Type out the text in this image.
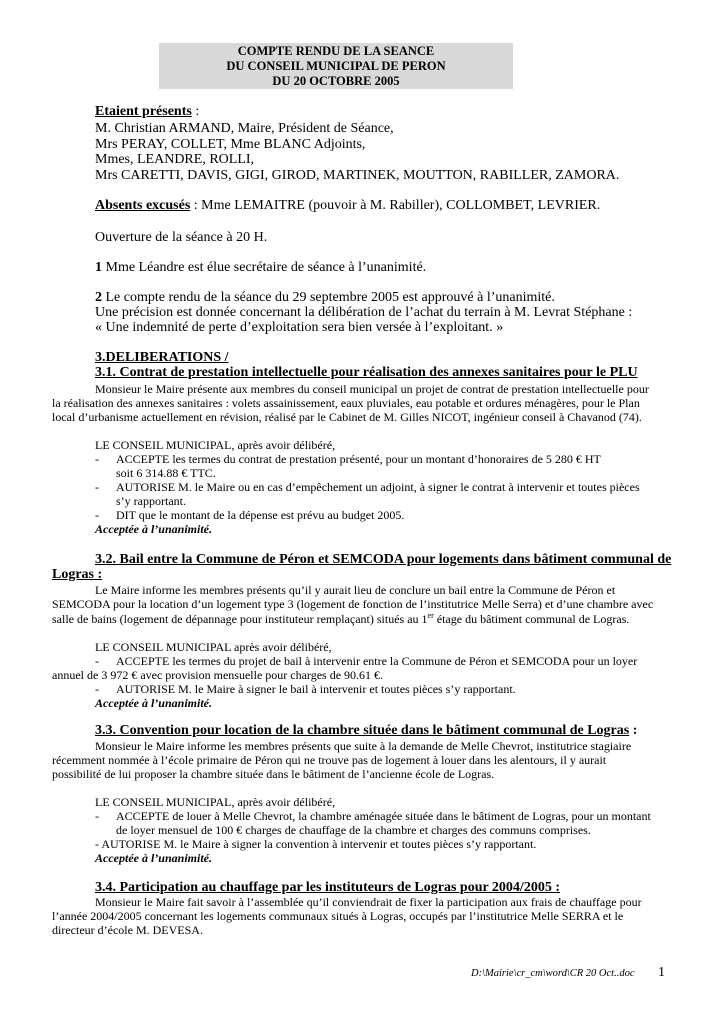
COMPTE RENDU DE LA SEANCE
DU CONSEIL MUNICIPAL DE PERON
DU 20 OCTOBRE 2005
Etaient présents :
M. Christian ARMAND, Maire, Président de Séance,
Mrs PERAY, COLLET, Mme BLANC Adjoints,
Mmes, LEANDRE, ROLLI,
Mrs CARETTI, DAVIS, GIGI, GIROD, MARTINEK, MOUTTON, RABILLER, ZAMORA.
Absents excusés : Mme LEMAITRE (pouvoir à M. Rabiller), COLLOMBET, LEVRIER.
Ouverture de la séance à 20 H.
1 Mme Léandre est élue secrétaire de séance à l’unanimité.
2 Le compte rendu de la séance du 29 septembre 2005 est approuvé à l’unanimité.
Une précision est donnée concernant la délibération de l’achat du terrain à M. Levrat Stéphane :
« Une indemnité de perte d’exploitation sera bien versée à l’exploitant. »
3.DELIBERATIONS /
3.1. Contrat de prestation intellectuelle pour réalisation des annexes sanitaires pour le PLU
Monsieur le Maire présente aux membres du conseil municipal un projet de contrat de prestation intellectuelle pour
la réalisation des annexes sanitaires : volets assainissement, eaux pluviales, eau potable et ordures ménagères, pour le Plan
local d’urbanisme actuellement en révision, réalisé par le Cabinet de M. Gilles NICOT, ingénieur conseil à Chavanod (74).
LE CONSEIL MUNICIPAL, après avoir délibéré,
- ACCEPTE les termes du contrat de prestation présenté, pour un montant d’honoraires de 5 280 € HT
soit 6 314.88 € TTC.
- AUTORISE M. le Maire ou en cas d’empêchement un adjoint, à signer le contrat à intervenir et toutes pièces
s’y rapportant.
- DIT que le montant de la dépense est prévu au budget 2005.
Acceptée à l’unanimité.
3.2. Bail entre la Commune de Péron et SEMCODA pour logements dans bâtiment communal de
Logras :
Le Maire informe les membres présents qu’il y aurait lieu de conclure un bail entre la Commune de Péron et
SEMCODA pour la location d’un logement type 3 (logement de fonction de l’institutrice Melle Serra) et d’une chambre avec
salle de bains (logement de dépannage pour instituteur remplaçant) situés au 1er étage du bâtiment communal de Logras.
LE CONSEIL MUNICIPAL après avoir délibéré,
- ACCEPTE les termes du projet de bail à intervenir entre la Commune de Péron et SEMCODA pour un loyer
annuel de 3 972 € avec provision mensuelle pour charges de 90.61 €.
- AUTORISE M. le Maire à signer le bail à intervenir et toutes pièces s’y rapportant.
Acceptée à l’unanimité.
3.3. Convention pour location de la chambre située dans le bâtiment communal de Logras :
Monsieur le Maire informe les membres présents que suite à la demande de Melle Chevrot, institutrice stagiaire
récemment nommée à l’école primaire de Péron qui ne trouve pas de logement à louer dans les alentours, il y aurait
possibilité de lui proposer la chambre située dans le bâtiment de l’ancienne école de Logras.
LE CONSEIL MUNICIPAL, après avoir délibéré,
- ACCEPTE de louer à Melle Chevrot, la chambre aménagée située dans le bâtiment de Logras, pour un montant
de loyer mensuel de 100 € charges de chauffage de la chambre et charges des communs comprises.
- AUTORISE M. le Maire à signer la convention à intervenir et toutes pièces s’y rapportant.
Acceptée à l’unanimité.
3.4. Participation au chauffage par les instituteurs de Logras pour 2004/2005 :
Monsieur le Maire fait savoir à l’assemblée qu’il conviendrait de fixer la participation aux frais de chauffage pour
l’année 2004/2005 concernant les logements communaux situés à Logras, occupés par l’institutrice Melle SERRA et le
directeur d’école M. DEVESA.
D:\Mairie\cr_cm\word\CR 20 Oct..doc 1
